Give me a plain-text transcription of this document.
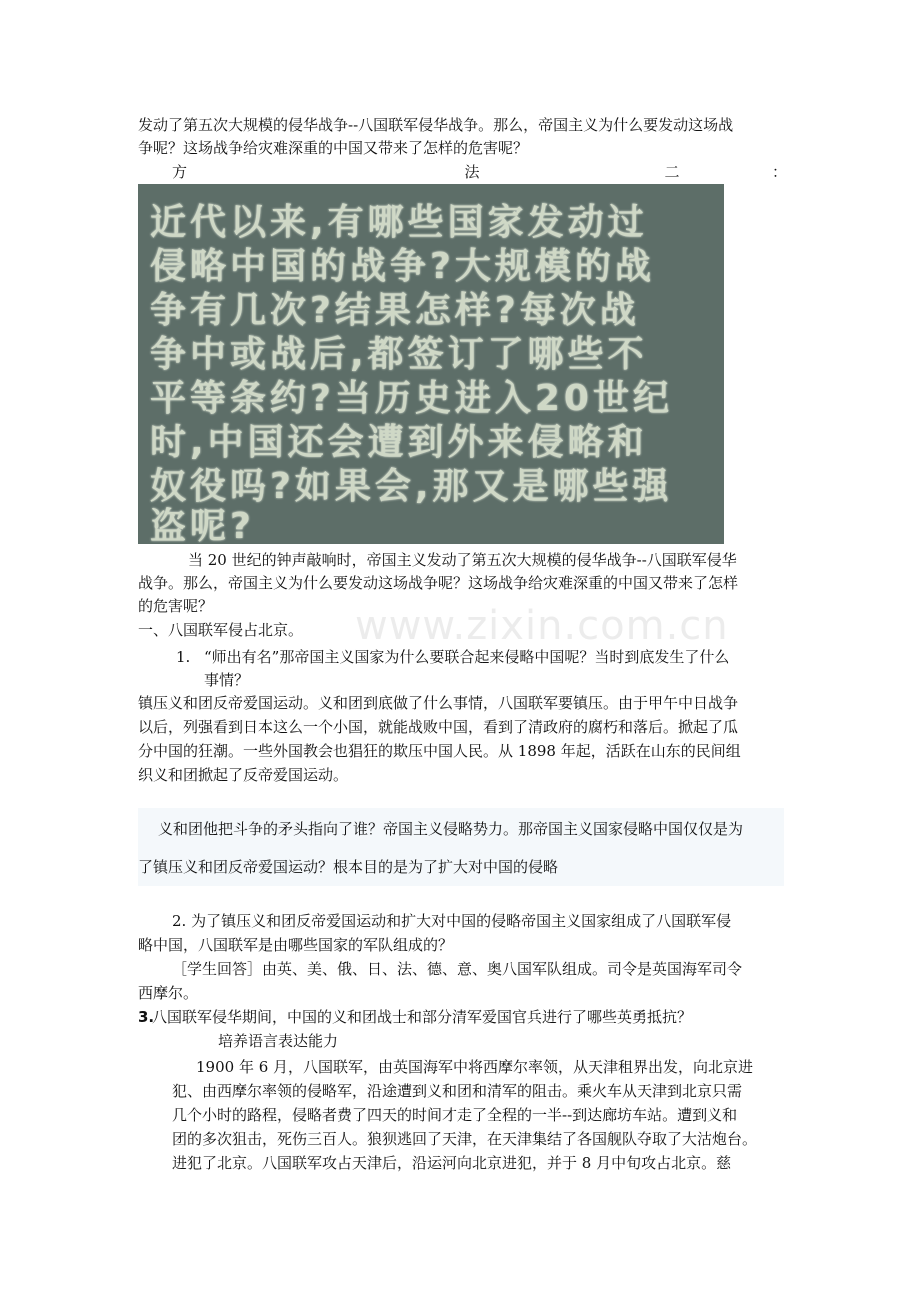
发动了第五次大规模的侵华战争--八国联军侵华战争。那么，帝国主义为什么要发动这场战
争呢？这场战争给灾难深重的中国又带来了怎样的危害呢？
方	法	二	：
近代以来,有哪些国家发动过
侵略中国的战争?大规模的战
争有几次?结果怎样?每次战
争中或战后,都签订了哪些不
平等条约?当历史进入20世纪
时,中国还会遭到外来侵略和
奴役吗?如果会,那又是哪些强
盗呢?
当 20 世纪的钟声敲响时，帝国主义发动了第五次大规模的侵华战争--八国联军侵华
战争。那么，帝国主义为什么要发动这场战争呢？这场战争给灾难深重的中国又带来了怎样
的危害呢？	www.zixin.com.cn
一、八国联军侵占北京。
1. “师出有名”那帝国主义国家为什么要联合起来侵略中国呢？当时到底发生了什么
事情？
镇压义和团反帝爱国运动。义和团到底做了什么事情，八国联军要镇压。由于甲午中日战争
以后，列强看到日本这么一个小国，就能战败中国，看到了清政府的腐朽和落后。掀起了瓜
分中国的狂潮。一些外国教会也猖狂的欺压中国人民。从 1898 年起，活跃在山东的民间组
织义和团掀起了反帝爱国运动。
义和团他把斗争的矛头指向了谁？帝国主义侵略势力。那帝国主义国家侵略中国仅仅是为
了镇压义和团反帝爱国运动？根本目的是为了扩大对中国的侵略
2. 为了镇压义和团反帝爱国运动和扩大对中国的侵略帝国主义国家组成了八国联军侵
略中国，八国联军是由哪些国家的军队组成的？
［学生回答］由英、美、俄、日、法、德、意、奥八国军队组成。司令是英国海军司令
西摩尔。
3.
八国联军侵华期间，中国的义和团战士和部分清军爱国官兵进行了哪些英勇抵抗？
培养语言表达能力
1900 年 6 月，八国联军，由英国海军中将西摩尔率领，从天津租界出发，向北京进
犯、由西摩尔率领的侵略军，沿途遭到义和团和清军的阻击。乘火车从天津到北京只需
几个小时的路程，侵略者费了四天的时间才走了全程的一半--到达廊坊车站。遭到义和
团的多次狙击，死伤三百人。狼狈逃回了天津，在天津集结了各国舰队夺取了大沽炮台。
进犯了北京。八国联军攻占天津后，沿运河向北京进犯，并于 8 月中旬攻占北京。慈
